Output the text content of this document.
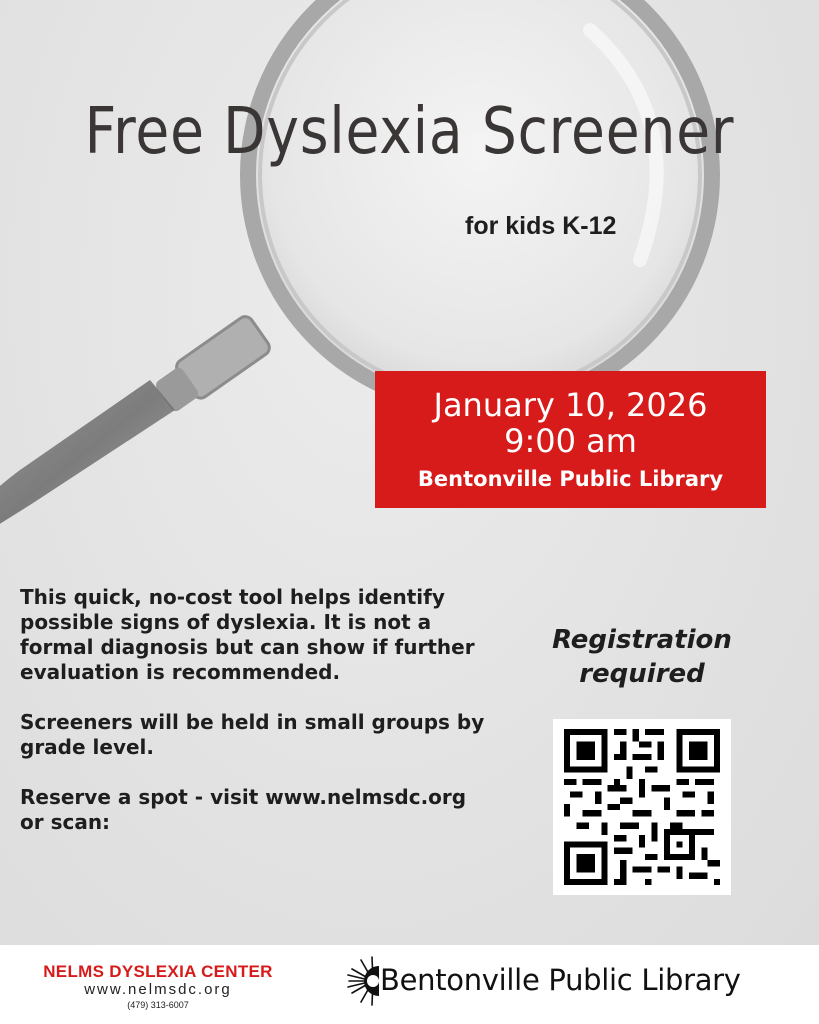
Free Dyslexia Screener
for kids K-12
January 10, 2026
9:00 am
Bentonville Public Library

This quick, no-cost tool helps identify possible signs of dyslexia. It is not a formal diagnosis but can show if further evaluation is recommended.

Screeners will be held in small groups by grade level.

Reserve a spot - visit www.nelmsdc.org or scan:

Registration
required
NELMS DYSLEXIA CENTER
www.nelmsdc.org
(479) 313-6007
Bentonville Public Library
